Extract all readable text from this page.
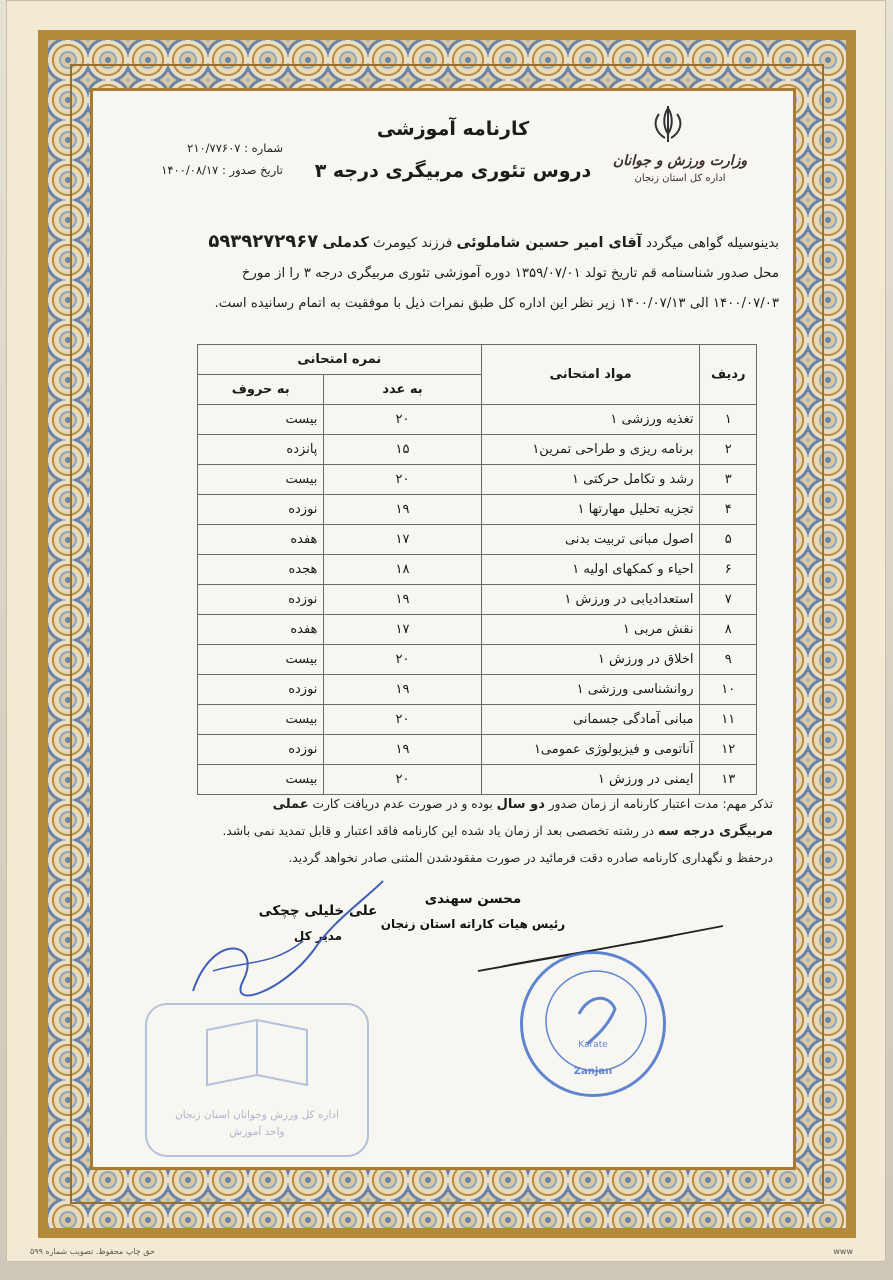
وزارت ورزش و جوانان
اداره کل استان زنجان
کارنامه آموزشی
دروس تئوری مربیگری درجه ۳
شماره : ۲۱۰/۷۷۶۰۷
تاریخ صدور : ۱۴۰۰/۰۸/۱۷
بدینوسیله گواهی میگردد آقای امیر حسین شاملوئی فرزند کیومرث کدملی ۵۹۳۹۲۷۲۹۶۷
محل صدور شناسنامه قم تاریخ تولد ۱۳۵۹/۰۷/۰۱ دوره آموزشی تئوری مربیگری درجه ۳ را از مورخ
۱۴۰۰/۰۷/۰۳ الی ۱۴۰۰/۰۷/۱۳ زیر نظر این اداره کل طبق نمرات ذیل با موفقیت به اتمام رسانیده است.
ردیف	مواد امتحانی	نمره امتحانی	
		به عدد	به حروف
۱	تغذیه ورزشی ۱	۲۰	بیست
۲	برنامه ریزی و طراحی تمرین۱	۱۵	پانزده
۳	رشد و تکامل حرکتی ۱	۲۰	بیست
۴	تجزیه تحلیل مهارتها ۱	۱۹	نوزده
۵	اصول مبانی تربیت بدنی	۱۷	هفده
۶	احیاء و کمکهای اولیه ۱	۱۸	هجده
۷	استعدادیابی در ورزش ۱	۱۹	نوزده
۸	نقش مربی ۱	۱۷	هفده
۹	اخلاق در ورزش ۱	۲۰	بیست
۱۰	روانشناسی ورزشی ۱	۱۹	نوزده
۱۱	مبانی آمادگی جسمانی	۲۰	بیست
۱۲	آناتومی و فیزیولوژی عمومی۱	۱۹	نوزده
۱۳	ایمنی در ورزش ۱	۲۰	بیست
تذکر مهم: مدت اعتبار کارنامه از زمان صدور دو سال بوده و در صورت عدم دریافت کارت عملی
مربیگری درجه سه در رشته تخصصی بعد از زمان یاد شده این کارنامه فاقد اعتبار و قابل تمدید نمی باشد.
درحفظ و نگهداری کارنامه صادره دقت فرمائید در صورت مفقودشدن المثنی صادر نخواهد گردید.
محسن سهندی
رئیس هیات کاراته استان زنجان
علی خلیلی چچکی
مدیر کل
Karate
Zanjan
اداره کل ورزش وجوانان استان زنجان
واحد آموزش
حق چاپ محفوظ. تصویب شماره ۵۹۹	www
